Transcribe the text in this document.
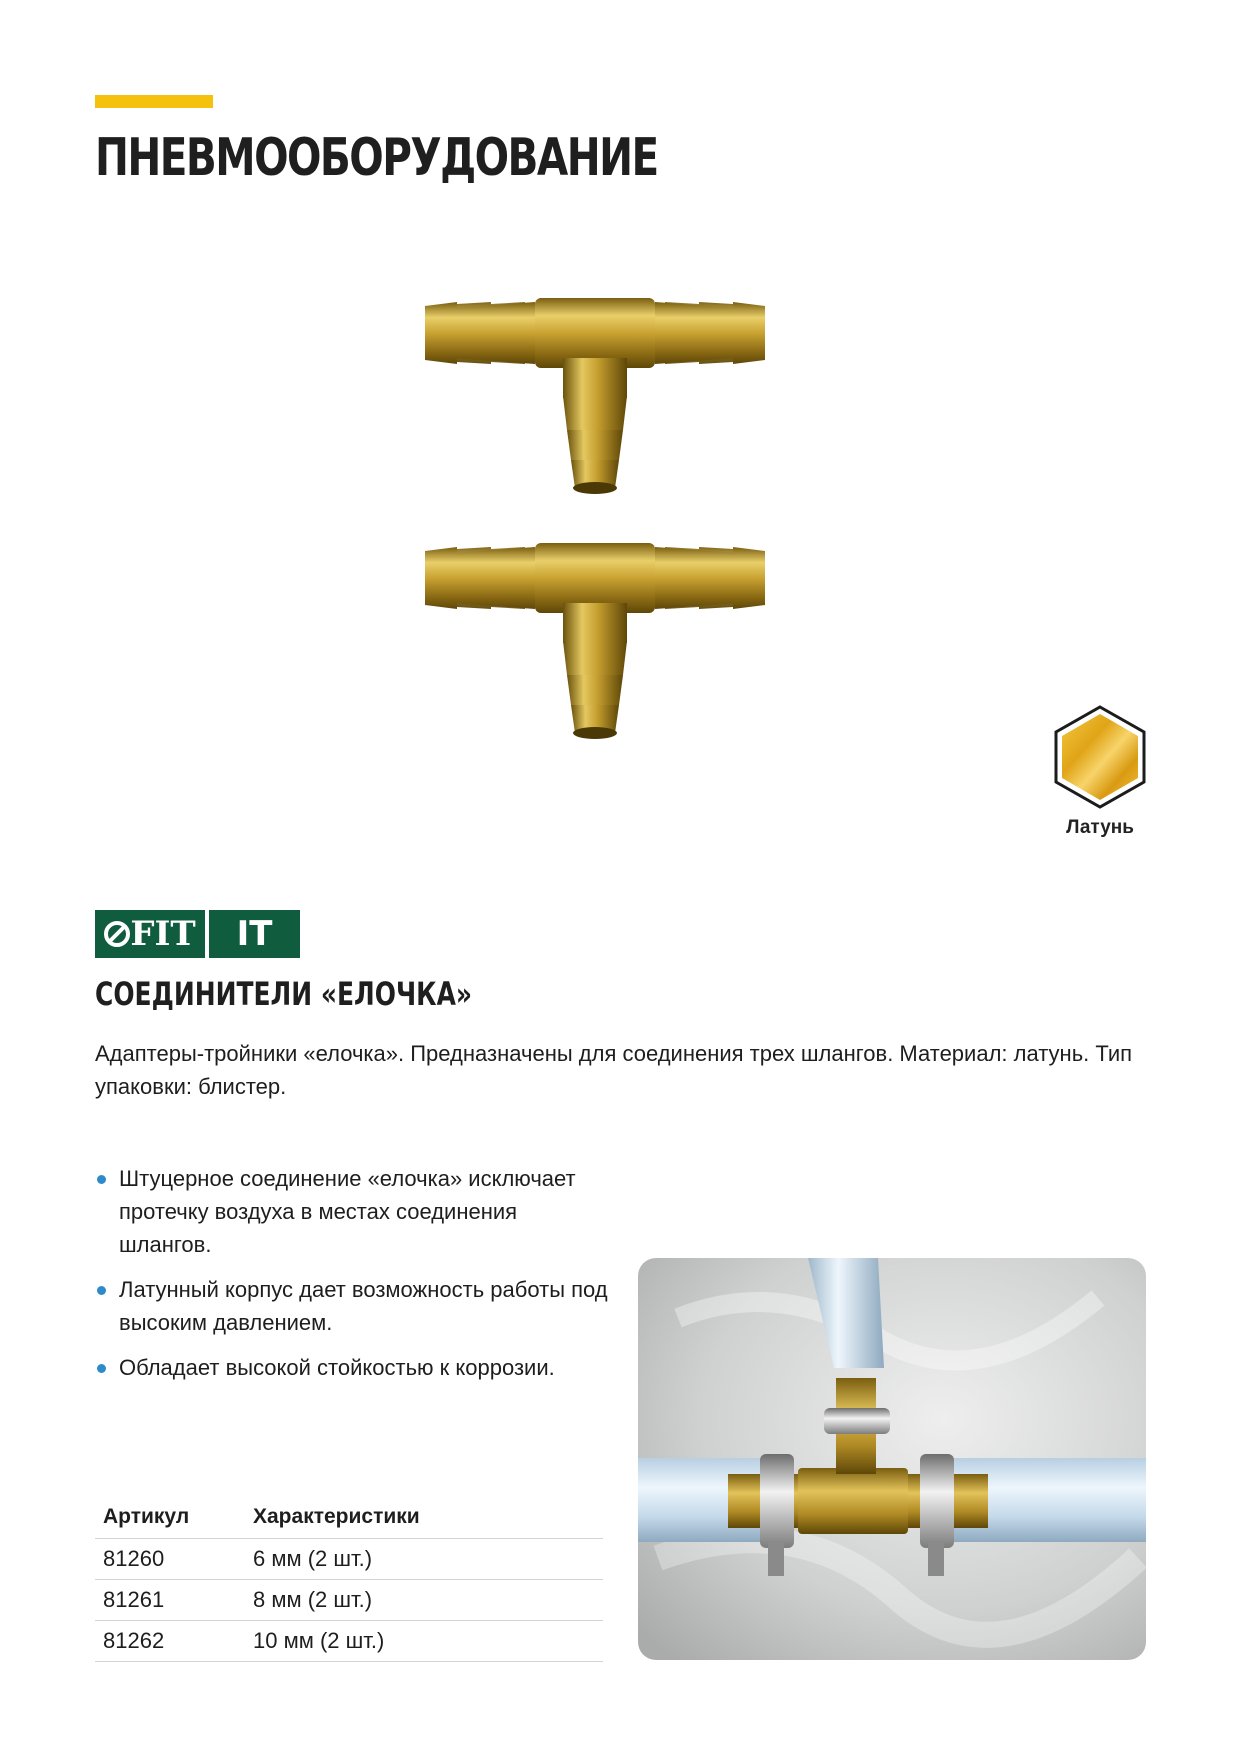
ПНЕВМООБОРУДОВАНИЕ
Латунь
FIT	IT
СОЕДИНИТЕЛИ «ЕЛОЧКА»

Адаптеры-тройники «елочка». Предназначены для соединения трех шлангов. Материал: латунь. Тип упаковки: блистер.

Штуцерное соединение «елочка» исключает протечку воздуха в местах соединения шлангов.
Латунный корпус дает возможность работы под высоким давлением.
Обладает высокой стойкостью к коррозии.
Артикул	Характеристики
81260	6 мм (2 шт.)
81261	8 мм (2 шт.)
81262	10 мм (2 шт.)
